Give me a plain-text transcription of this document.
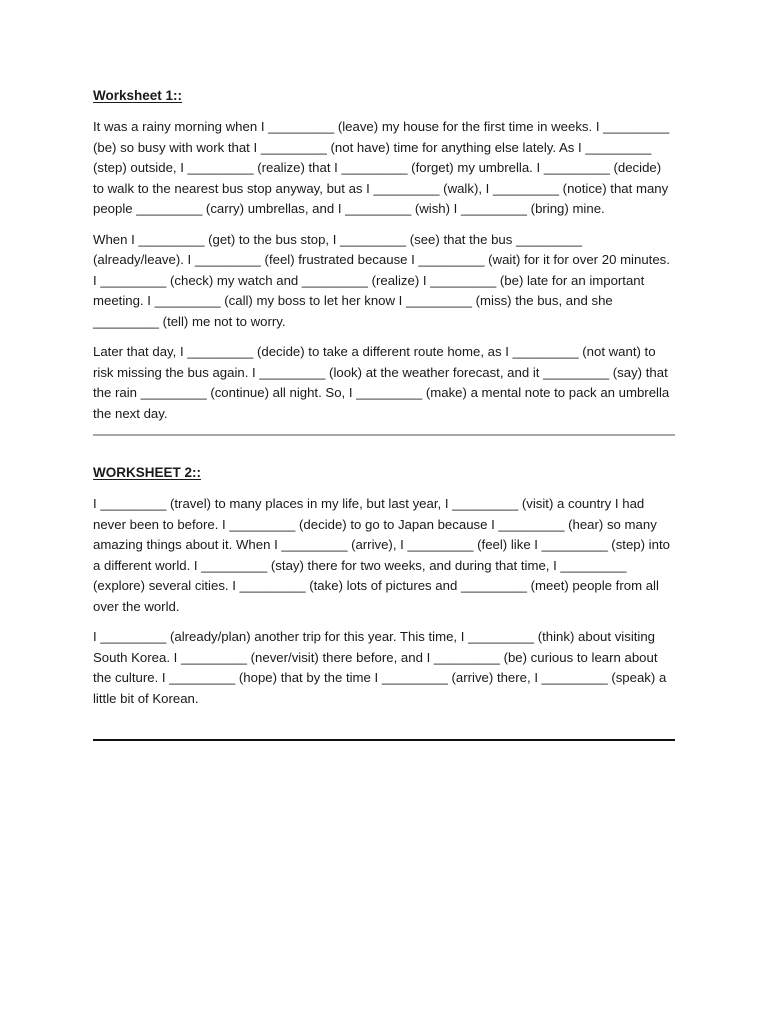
Worksheet 1::

It was a rainy morning when I _________ (leave) my house for the first time in weeks. I _________ (be) so busy with work that I _________ (not have) time for anything else lately. As I _________ (step) outside, I _________ (realize) that I _________ (forget) my umbrella. I _________ (decide) to walk to the nearest bus stop anyway, but as I _________ (walk), I _________ (notice) that many people _________ (carry) umbrellas, and I _________ (wish) I _________ (bring) mine.

When I _________ (get) to the bus stop, I _________ (see) that the bus _________ (already/leave). I _________ (feel) frustrated because I _________ (wait) for it for over 20 minutes. I _________ (check) my watch and _________ (realize) I _________ (be) late for an important meeting. I _________ (call) my boss to let her know I _________ (miss) the bus, and she _________ (tell) me not to worry.

Later that day, I _________ (decide) to take a different route home, as I _________ (not want) to risk missing the bus again. I _________ (look) at the weather forecast, and it _________ (say) that the rain _________ (continue) all night. So, I _________ (make) a mental note to pack an umbrella the next day.

WORKSHEET 2::

I _________ (travel) to many places in my life, but last year, I _________ (visit) a country I had never been to before. I _________ (decide) to go to Japan because I _________ (hear) so many amazing things about it. When I _________ (arrive), I _________ (feel) like I _________ (step) into a different world. I _________ (stay) there for two weeks, and during that time, I _________ (explore) several cities. I _________ (take) lots of pictures and _________ (meet) people from all over the world.

I _________ (already/plan) another trip for this year. This time, I _________ (think) about visiting South Korea. I _________ (never/visit) there before, and I _________ (be) curious to learn about the culture. I _________ (hope) that by the time I _________ (arrive) there, I _________ (speak) a little bit of Korean.
